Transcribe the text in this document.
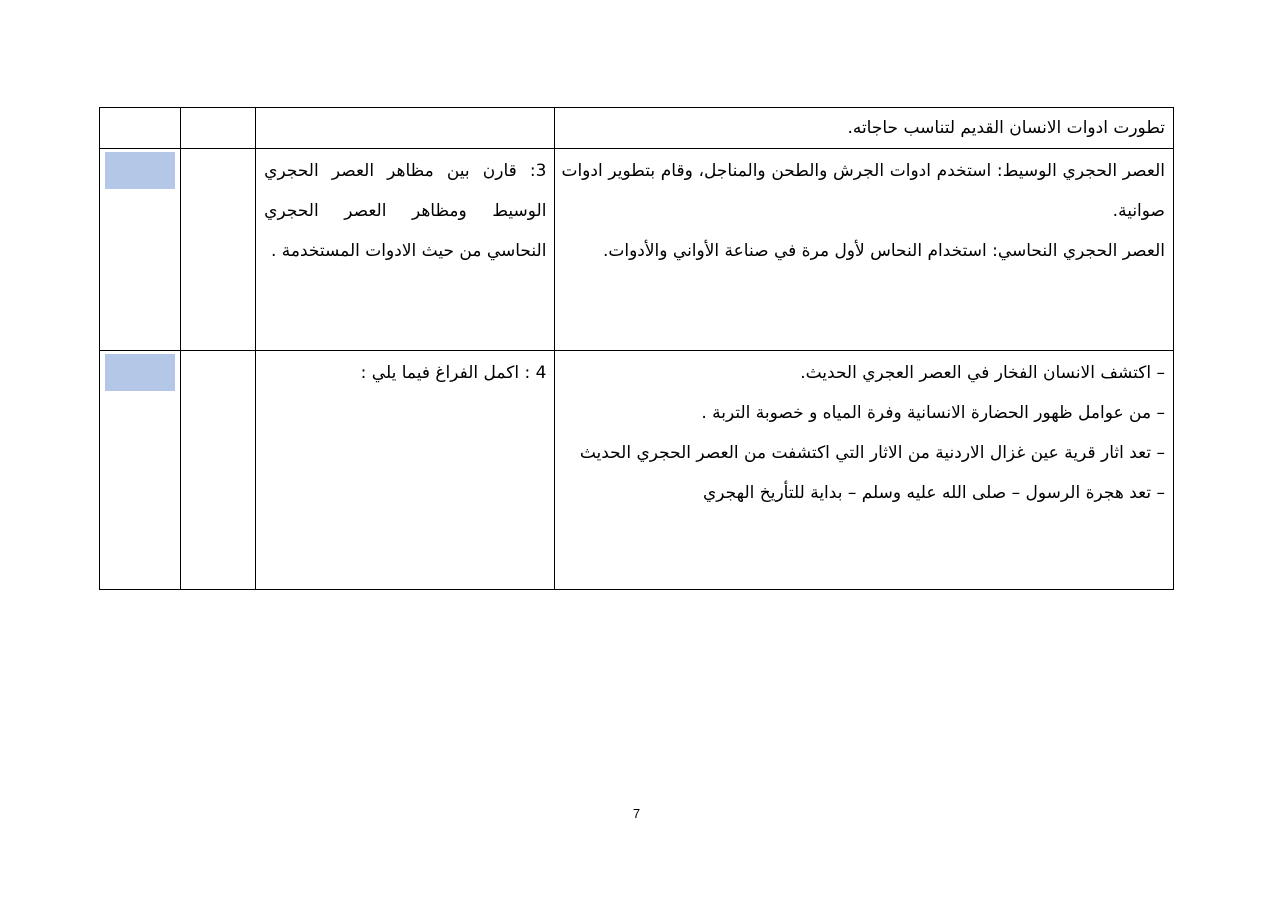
تطورت ادوات الانسان القديم لتناسب حاجاته.			

العصر الحجري الوسيط: استخدم ادوات الجرش والطحن والمناجل، وقام بتطوير ادوات صوانية.
العصر الحجري النحاسي: استخدام النحاس لأول مرة في صناعة الأواني والأدوات.	3: قارن بين مظاهر العصر الحجري الوسيط ومظاهر العصر الحجري النحاسي من حيث الادوات المستخدمة .		

– اكتشف الانسان الفخار في العصر العجري الحديث.
– من عوامل ظهور الحضارة الانسانية وفرة المياه و خصوبة التربة .
– تعد اثار قرية عين غزال الاردنية من الاثار التي اكتشفت من العصر الحجري الحديث
– تعد هجرة الرسول – صلى الله عليه وسلم – بداية للتأريخ الهجري	4 : اكمل الفراغ فيما يلي :		

7
